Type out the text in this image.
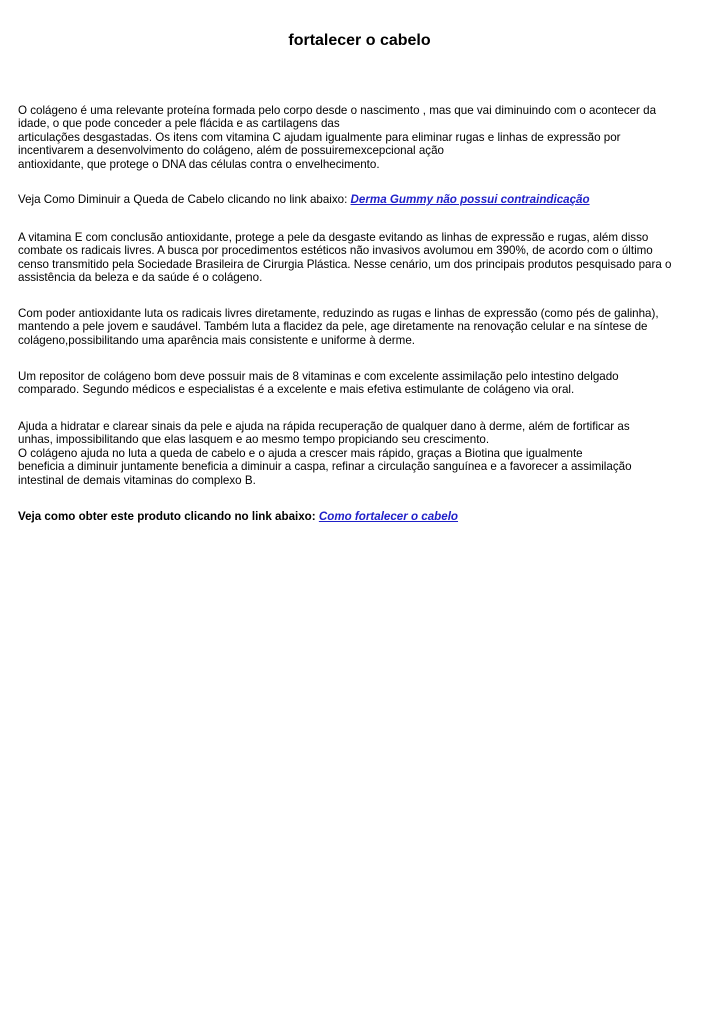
fortalecer o cabelo
O colágeno é uma relevante proteína formada pelo corpo desde o nascimento , mas que vai diminuindo com o acontecer da
idade, o que pode conceder a pele flácida e as cartilagens das
articulações desgastadas. Os itens com vitamina C ajudam igualmente para eliminar rugas e linhas de expressão por
incentivarem a desenvolvimento do colágeno, além de possuiremexcepcional ação
antioxidante, que protege o DNA das células contra o envelhecimento.
Veja Como Diminuir a Queda de Cabelo clicando no link abaixo: Derma Gummy não possui contraindicação
A vitamina E com conclusão antioxidante, protege a pele da desgaste evitando as linhas de expressão e rugas, além disso
combate os radicais livres. A busca por procedimentos estéticos não invasivos avolumou em 390%, de acordo com o último
censo transmitido pela Sociedade Brasileira de Cirurgia Plástica. Nesse cenário, um dos principais produtos pesquisado para o
assistência da beleza e da saúde é o colágeno.
Com poder antioxidante luta os radicais livres diretamente, reduzindo as rugas e linhas de expressão (como pés de galinha),
mantendo a pele jovem e saudável. Também luta a flacidez da pele, age diretamente na renovação celular e na síntese de
colágeno,possibilitando uma aparência mais consistente e uniforme à derme.
Um repositor de colágeno bom deve possuir mais de 8 vitaminas e com excelente assimilação pelo intestino delgado
comparado. Segundo médicos e especialistas é a excelente e mais efetiva estimulante de colágeno via oral.
Ajuda a hidratar e clarear sinais da pele e ajuda na rápida recuperação de qualquer dano à derme, além de fortificar as
unhas, impossibilitando que elas lasquem e ao mesmo tempo propiciando seu crescimento.
O colágeno ajuda no luta a queda de cabelo e o ajuda a crescer mais rápido, graças a Biotina que igualmente
beneficia a diminuir juntamente beneficia a diminuir a caspa, refinar a circulação sanguínea e a favorecer a assimilação
intestinal de demais vitaminas do complexo B.
Veja como obter este produto clicando no link abaixo: Como fortalecer o cabelo
